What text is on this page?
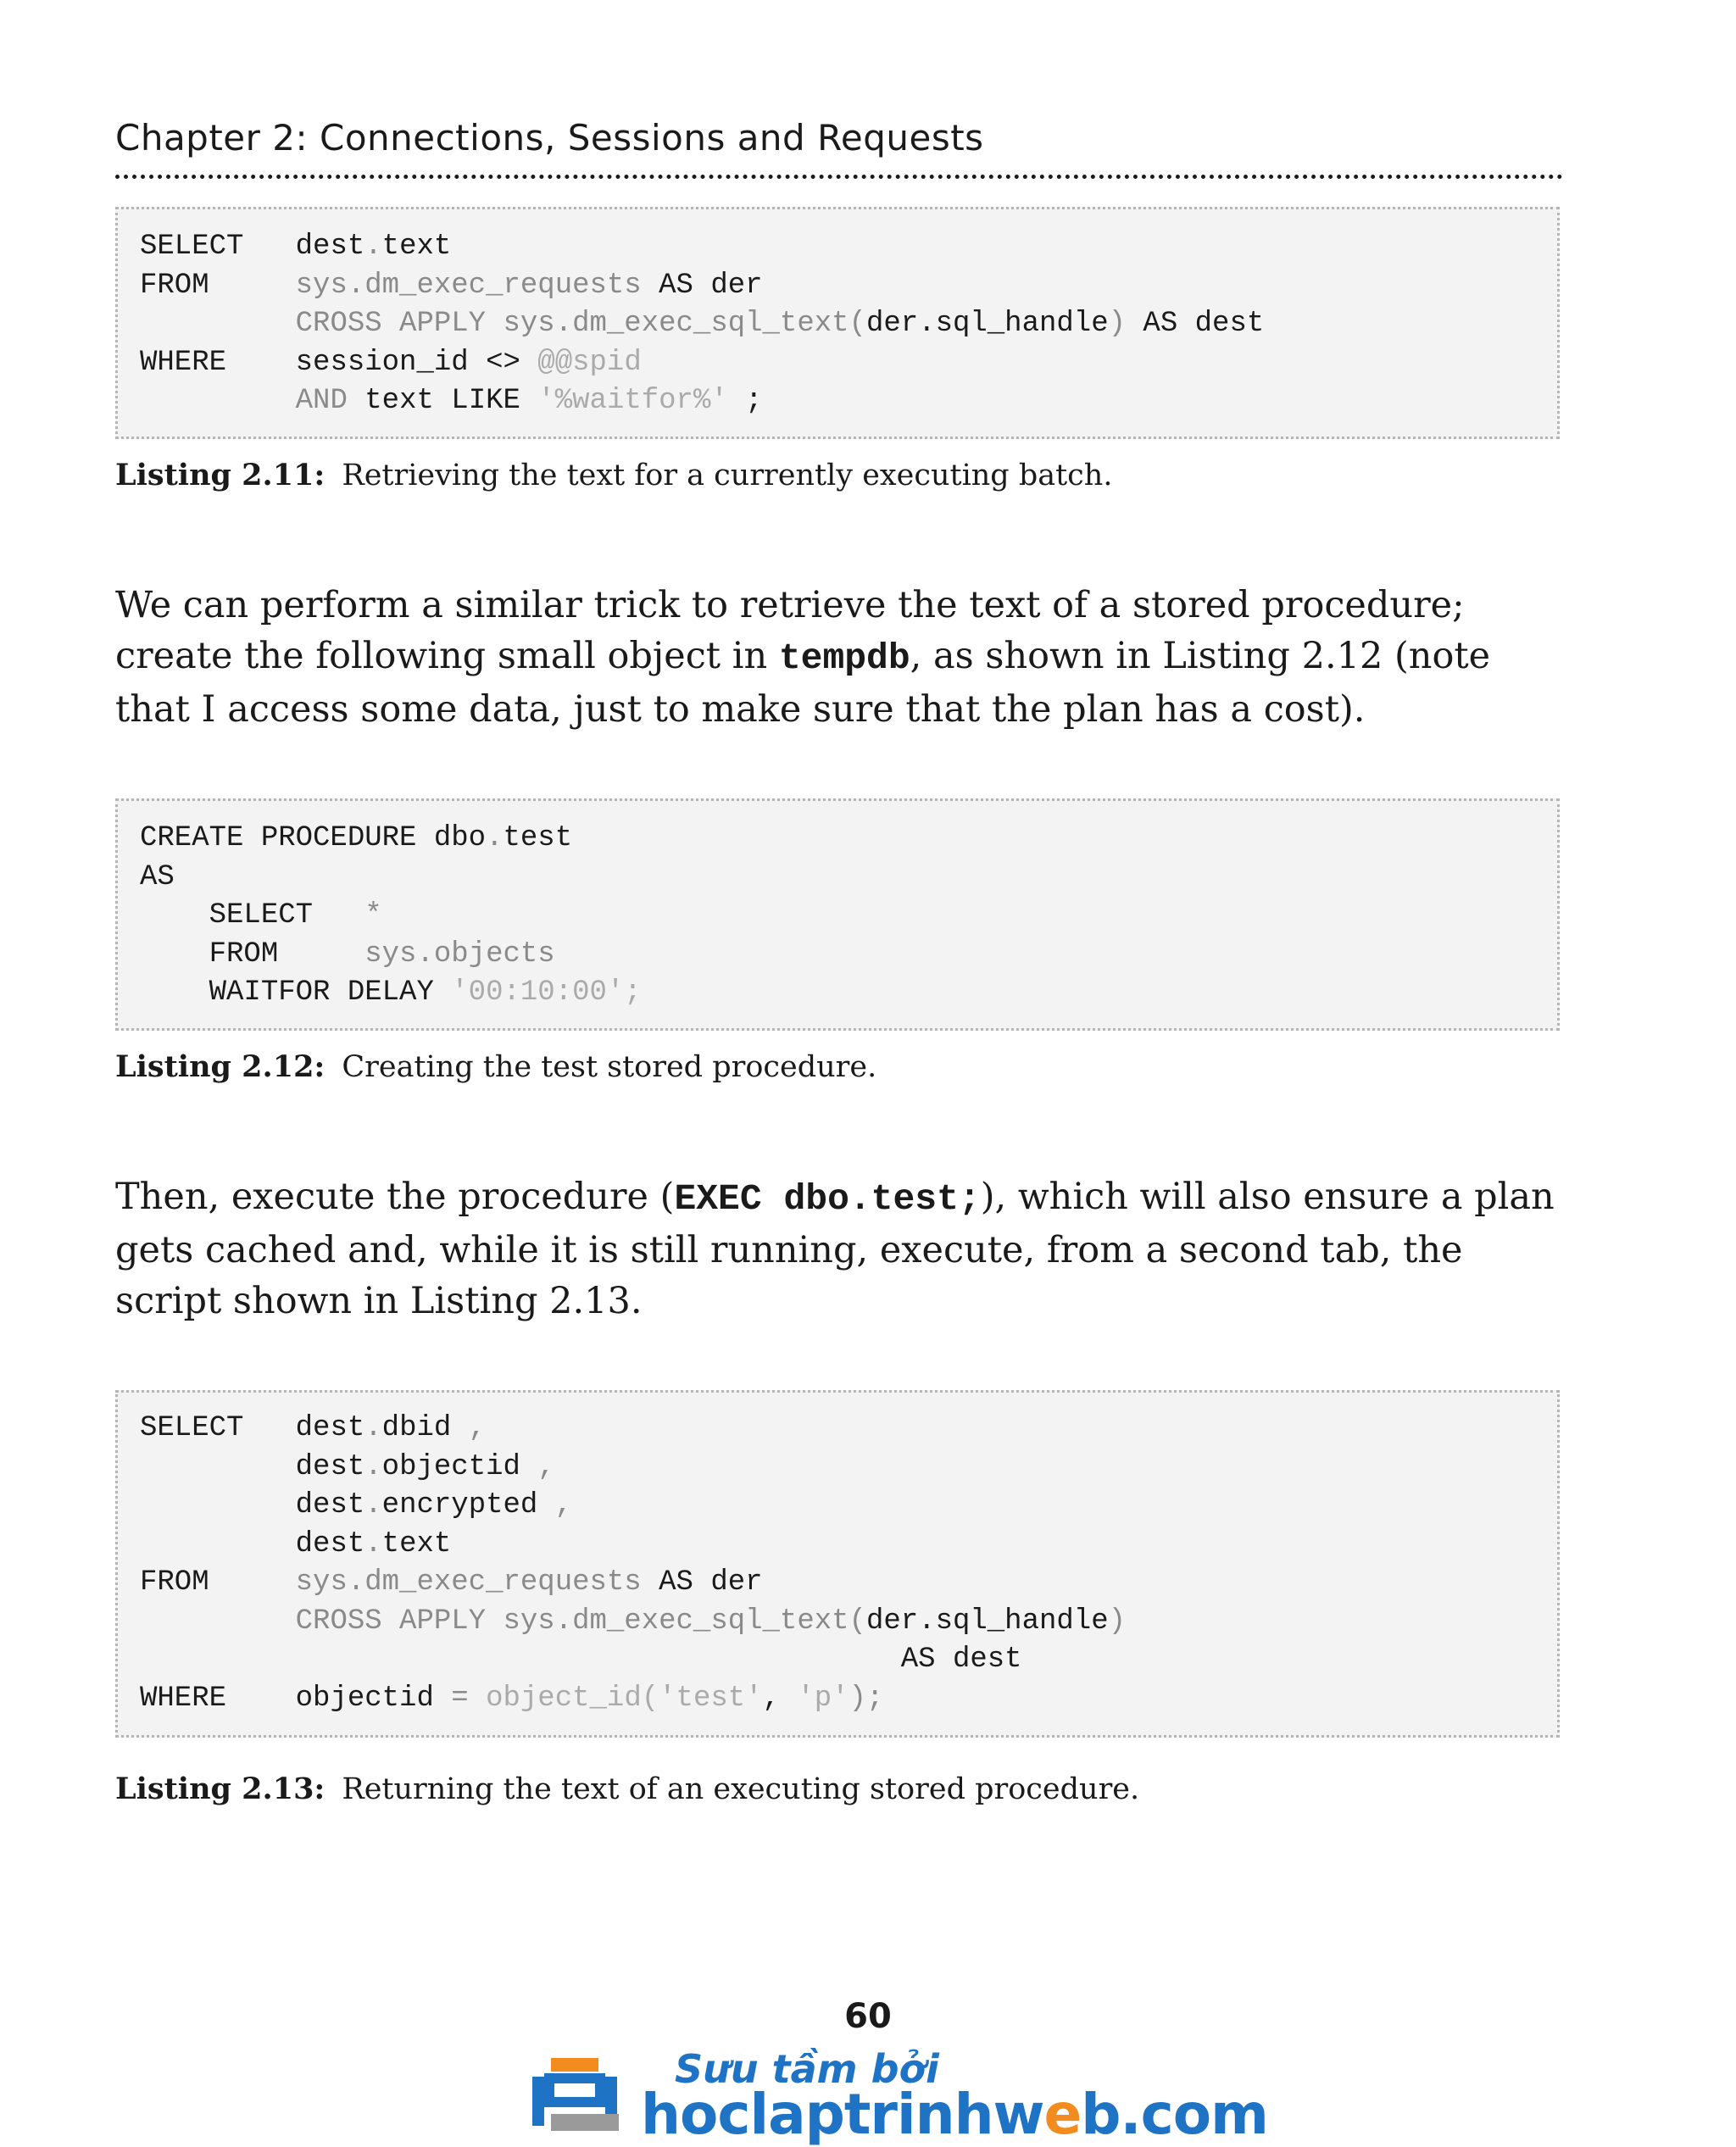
Chapter 2: Connections, Sessions and Requests
SELECT   dest.text
FROM     sys.dm_exec_requests AS der
CROSS APPLY sys.dm_exec_sql_text(der.sql_handle) AS dest
WHERE    session_id <> @@spid
AND text LIKE '%waitfor%' ;
Listing 2.11: Retrieving the text for a currently executing batch.

We can perform a similar trick to retrieve the text of a stored procedure; create the following small object in tempdb, as shown in Listing 2.12 (note that I access some data, just to make sure that the plan has a cost).

CREATE PROCEDURE dbo.test
AS
SELECT   *
FROM     sys.objects
WAITFOR DELAY '00:10:00';
Listing 2.12: Creating the test stored procedure.

Then, execute the procedure (EXEC dbo.test;), which will also ensure a plan gets cached and, while it is still running, execute, from a second tab, the script shown in Listing 2.13.

SELECT   dest.dbid ,
dest.objectid ,
dest.encrypted ,
dest.text
FROM     sys.dm_exec_requests AS der
CROSS APPLY sys.dm_exec_sql_text(der.sql_handle)
AS dest
WHERE    objectid = object_id('test', 'p');
Listing 2.13: Returning the text of an executing stored procedure.
60
Sưu tầm bởi
hoclaptrinhweb.com
